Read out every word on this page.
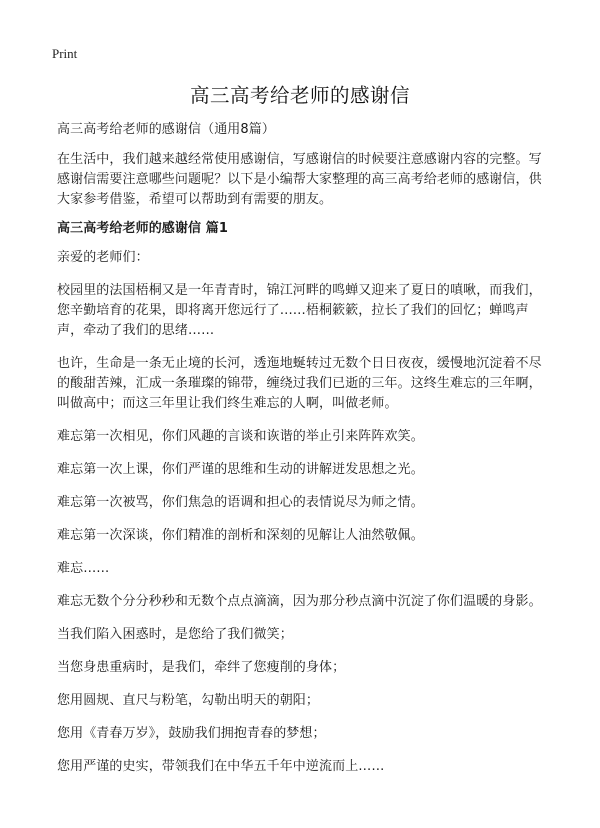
Print
高三高考给老师的感谢信
高三高考给老师的感谢信（通用8篇）
在生活中，我们越来越经常使用感谢信，写感谢信的时候要注意感谢内容的完整。写感谢信需要注意哪些问题呢？以下是小编帮大家整理的高三高考给老师的感谢信，供大家参考借鉴，希望可以帮助到有需要的朋友。
高三高考给老师的感谢信 篇1

亲爱的老师们：

校园里的法国梧桐又是一年青青时，锦江河畔的鸣蝉又迎来了夏日的嗔啾，而我们，您辛勤培育的花果，即将离开您远行了……梧桐簌簌，拉长了我们的回忆；蝉鸣声声，牵动了我们的思绪……

也许，生命是一条无止境的长河，透迤地蜒转过无数个日日夜夜，缓慢地沉淀着不尽的酸甜苦辣，汇成一条璀璨的锦带，缠绕过我们已逝的三年。这终生难忘的三年啊，叫做高中；而这三年里让我们终生难忘的人啊，叫做老师。

难忘第一次相见，你们风趣的言谈和诙谐的举止引来阵阵欢笑。

难忘第一次上课，你们严谨的思维和生动的讲解迸发思想之光。

难忘第一次被骂，你们焦急的语调和担心的表情说尽为师之情。

难忘第一次深谈，你们精准的剖析和深刻的见解让人油然敬佩。

难忘……

难忘无数个分分秒秒和无数个点点滴滴，因为那分秒点滴中沉淀了你们温暖的身影。

当我们陷入困惑时，是您给了我们微笑；

当您身患重病时，是我们，牵绊了您瘦削的身体；

您用圆规、直尺与粉笔，勾勒出明天的朝阳；

您用《青春万岁》，鼓励我们拥抱青春的梦想；

您用严谨的史实，带领我们在中华五千年中逆流而上……
